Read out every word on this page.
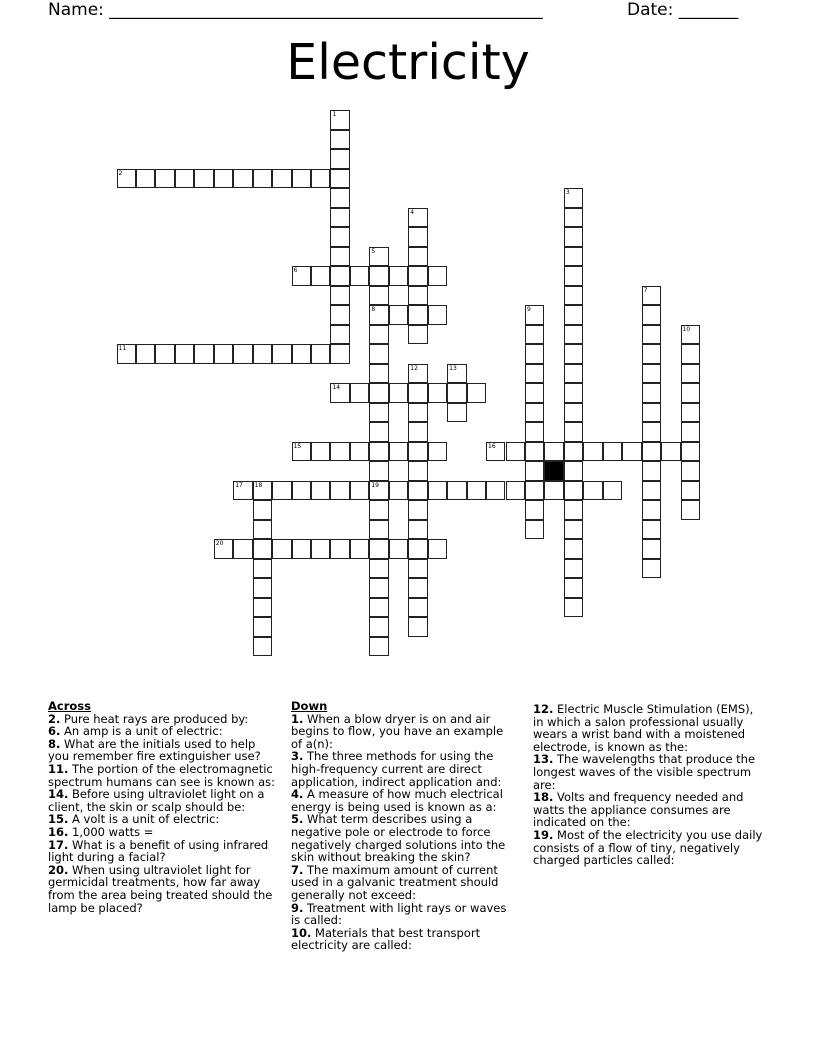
Name: ___________________________________________________	Date: _______
Electricity
1
3
4
5
8
19
7
9
10
12	13
18
2
6
11
14
15	16
17
20
Across
2. Pure heat rays are produced by:
6. An amp is a unit of electric:
8. What are the initials used to help you remember fire extinguisher use?
11. The portion of the electromagnetic spectrum humans can see is known as:
14. Before using ultraviolet light on a client, the skin or scalp should be:
15. A volt is a unit of electric:
16. 1,000 watts =
17. What is a benefit of using infrared light during a facial?
20. When using ultraviolet light for germicidal treatments, how far away from the area being treated should the lamp be placed?
Down
1. When a blow dryer is on and air begins to flow, you have an example of a(n):
3. The three methods for using the high-frequency current are direct application, indirect application and:
4. A measure of how much electrical energy is being used is known as a:
5. What term describes using a negative pole or electrode to force negatively charged solutions into the skin without breaking the skin?
7. The maximum amount of current used in a galvanic treatment should generally not exceed:
9. Treatment with light rays or waves is called:
10. Materials that best transport electricity are called:
12. Electric Muscle Stimulation (EMS), in which a salon professional usually wears a wrist band with a moistened electrode, is known as the:
13. The wavelengths that produce the longest waves of the visible spectrum are:
18. Volts and frequency needed and watts the appliance consumes are indicated on the:
19. Most of the electricity you use daily consists of a flow of tiny, negatively charged particles called:
